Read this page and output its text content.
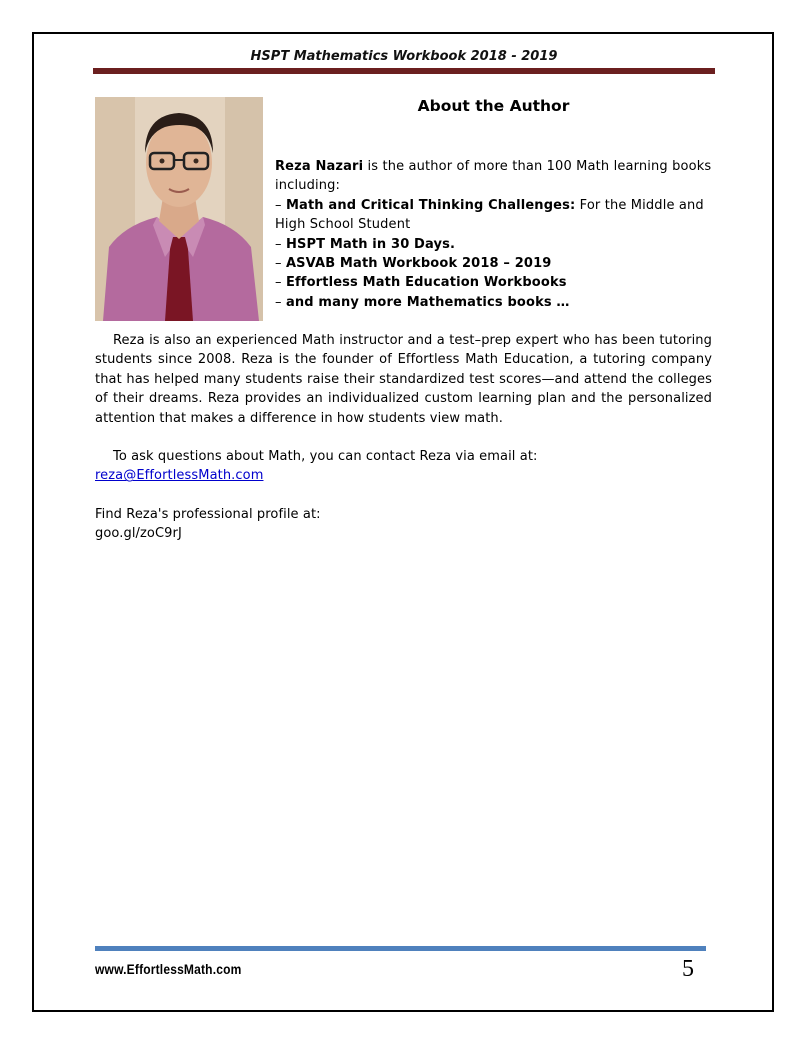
HSPT Mathematics Workbook 2018 - 2019
About the Author

Reza Nazari is the author of more than 100 Math learning books including:

– Math and Critical Thinking Challenges: For the Middle and High School Student

– HSPT Math in 30 Days.

– ASVAB Math Workbook 2018 – 2019

– Effortless Math Education Workbooks

– and many more Mathematics books …

Reza is also an experienced Math instructor and a test–prep expert who has been tutoring students since 2008. Reza is the founder of Effortless Math Education, a tutoring company that has helped many students raise their standardized test scores—and attend the colleges of their dreams. Reza provides an individualized custom learning plan and the personalized attention that makes a difference in how students view math.
To ask questions about Math, you can contact Reza via email at:
reza@EffortlessMath.com
Find Reza's professional profile at:
goo.gl/zoC9rJ
www.EffortlessMath.com	5
